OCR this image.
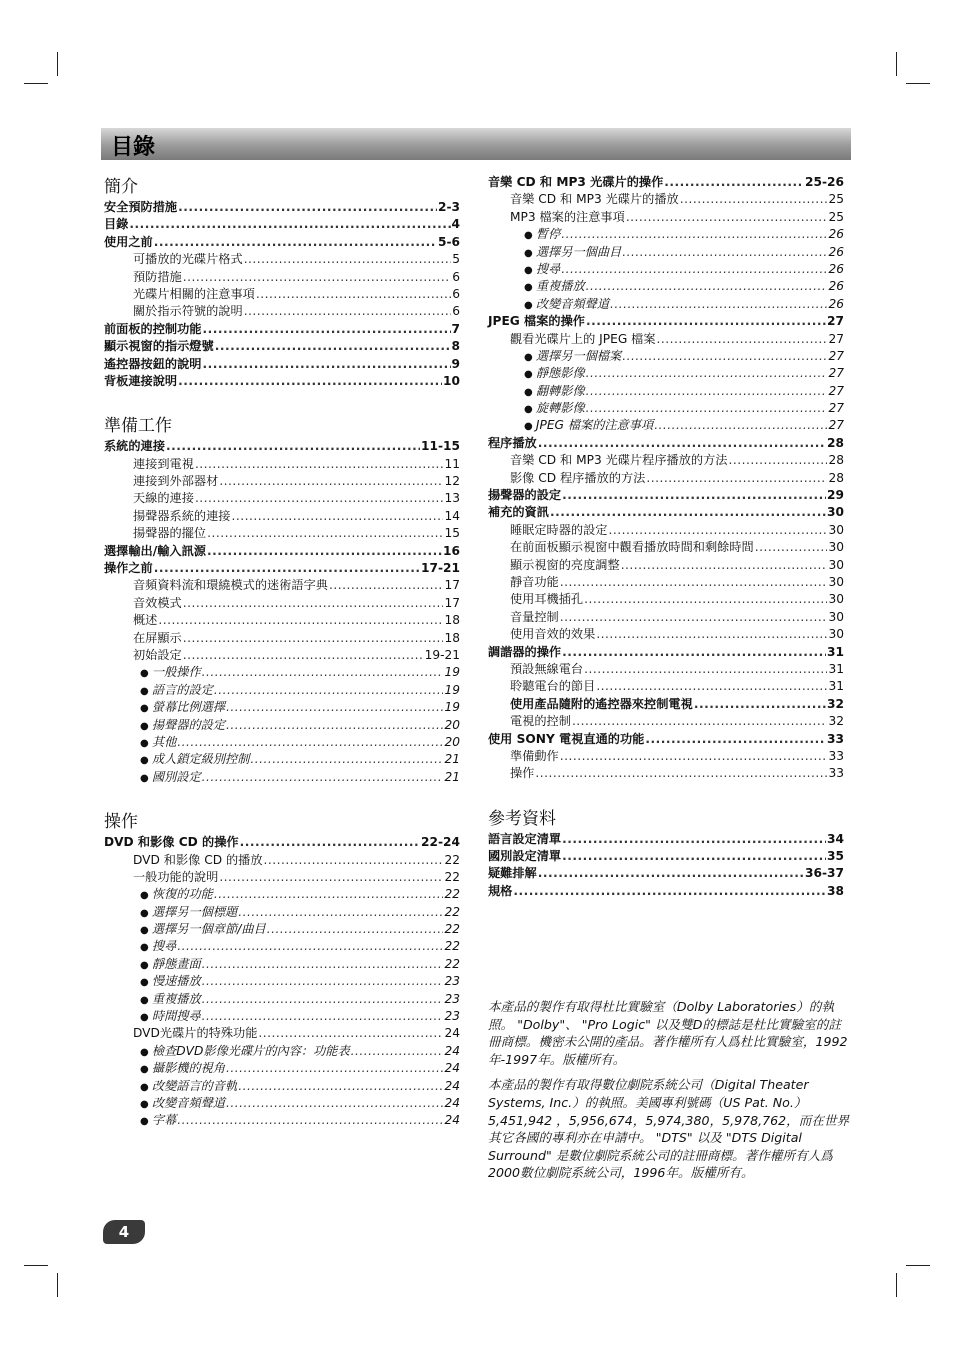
目錄
簡介
安全預防措施 .....	2-3
目錄 .....	4
使用之前 .....	5-6
可播放的光碟片格式 .....	5
預防措施 .....	6
光碟片相關的注意事項 .....	6
關於指示符號的說明 .....	6
前面板的控制功能 .....	7
顯示視窗的指示燈號 .....	8
遙控器按鈕的說明 .....	9
背板連接說明 .....	10
準備工作
系統的連接 .....	11-15
連接到電視 .....	11
連接到外部器材 .....	12
天線的連接 .....	13
揚聲器系統的連接 .....	14
揚聲器的擺位 .....	15
選擇輸出/輸入訊源 .....	16
操作之前 .....	17-21
音頻資料流和環繞模式的迷術語字典 .....	17
音效模式 .....	17
概述 .....	18
在屏顯示 .....	18
初始設定 .....	19-21
● 一般操作 .....	19
● 語言的設定 .....	19
● 螢幕比例選擇 .....	19
● 揚聲器的設定 .....	20
● 其他 .....	20
● 成人鎖定級別控制 .....	21
● 國別設定 .....	21
操作
DVD 和影像 CD 的操作 .....	22-24
DVD 和影像 CD 的播放 .....	22
一般功能的說明 .....	22
● 恢復的功能 .....	22
● 選擇另一個標題 .....	22
● 選擇另一個章節/曲目 .....	22
● 搜尋 .....	22
● 靜態畫面 .....	22
● 慢速播放 .....	23
● 重複播放 .....	23
● 時間搜尋 .....	23
DVD光碟片的特殊功能 .....	24
● 檢查DVD影像光碟片的內容：功能表 .....	24
● 攝影機的視角 .....	24
● 改變語言的音軌 .....	24
● 改變音頻聲道 .....	24
● 字幕 .....	24
音樂 CD 和 MP3 光碟片的操作 .....	25-26
音樂 CD 和 MP3 光碟片的播放 .....	25
MP3 檔案的注意事項 .....	25
● 暫停 .....	26
● 選擇另一個曲目 .....	26
● 搜尋 .....	26
● 重複播放 .....	26
● 改變音頻聲道 .....	26
JPEG 檔案的操作 .....	27
觀看光碟片上的 JPEG 檔案 .....	27
● 選擇另一個檔案 .....	27
● 靜態影像 .....	27
● 翻轉影像 .....	27
● 旋轉影像 .....	27
● JPEG 檔案的注意事項 .....	27
程序播放 .....	28
音樂 CD 和 MP3 光碟片程序播放的方法 .....	28
影像 CD 程序播放的方法 .....	28
揚聲器的設定 .....	29
補充的資訊 .....	30
睡眠定時器的設定 .....	30
在前面板顯示視窗中觀看播放時間和剩餘時間 .....	30
顯示視窗的亮度調整 .....	30
靜音功能 .....	30
使用耳機插孔 .....	30
音量控制 .....	30
使用音效的效果 .....	30
調諧器的操作 .....	31
預設無線電台 .....	31
聆聽電台的節目 .....	31
使用產品隨附的遙控器來控制電視 .....	32
電視的控制 .....	32
使用 SONY 電視直通的功能 .....	33
準備動作 .....	33
操作 .....	33
參考資料
語言設定清單 .....	34
國別設定清單 .....	35
疑難排解 .....	36-37
規格 .....	38

本產品的製作有取得杜比實驗室（Dolby Laboratories）的執照。 "Dolby"、 "Pro Logic" 以及雙D的標誌是杜比實驗室的註冊商標。機密未公開的產品。著作權所有人爲杜比實驗室，1992年-1997年。版權所有。

本產品的製作有取得數位劇院系統公司（Digital Theater Systems, Inc.）的執照。美國專利號碼（US Pat. No.）5,451,942 ，5,956,674，5,974,380，5,978,762，而在世界其它各國的專利亦在申請中。 "DTS" 以及 "DTS Digital Surround" 是數位劇院系統公司的註冊商標。著作權所有人爲2000數位劇院系統公司，1996年。版權所有。

4
